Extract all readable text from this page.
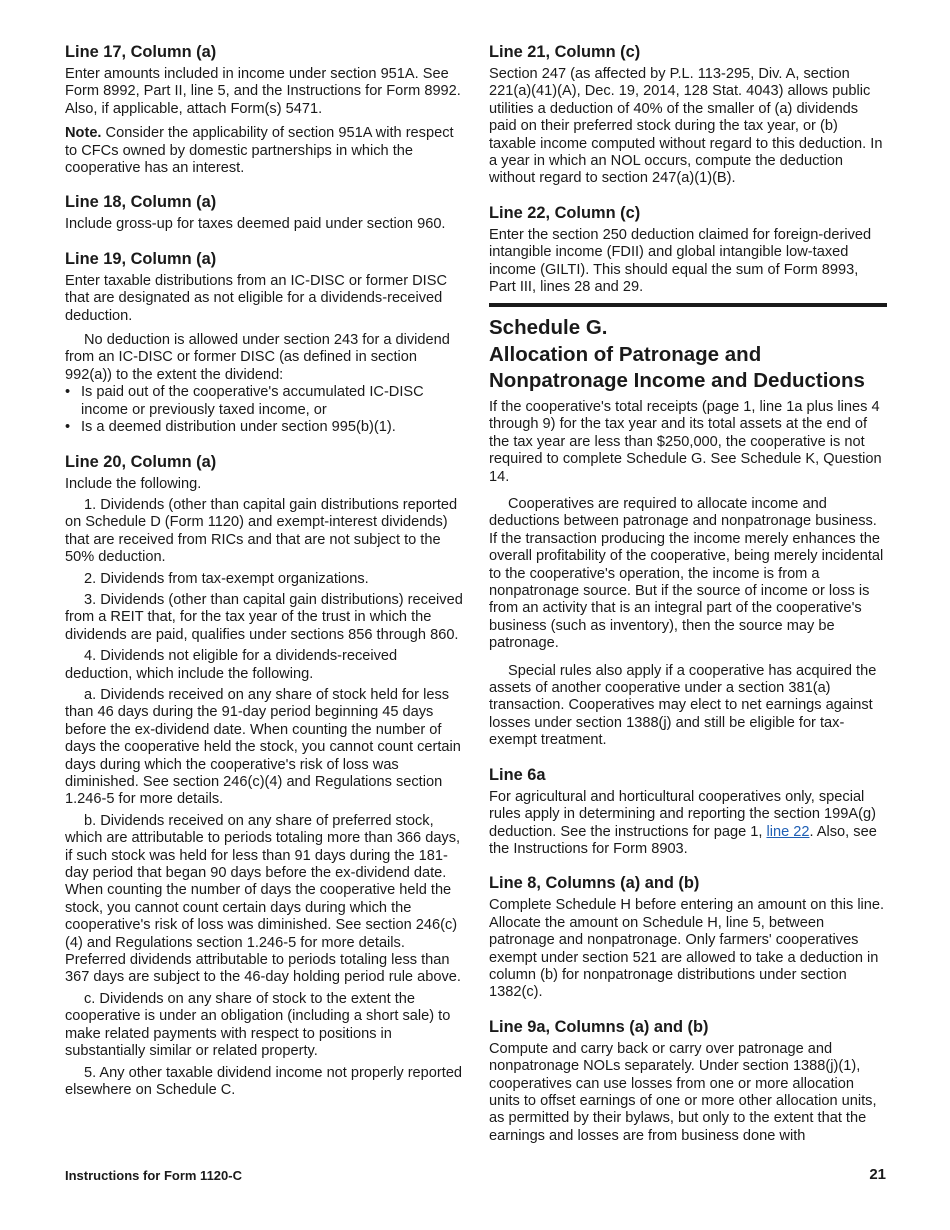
Line 17, Column (a)

Enter amounts included in income under section 951A. See Form 8992, Part II, line 5, and the Instructions for Form 8992. Also, if applicable, attach Form(s) 5471.

Note. Consider the applicability of section 951A with respect to CFCs owned by domestic partnerships in which the cooperative has an interest.

Line 18, Column (a)

Include gross-up for taxes deemed paid under section 960.

Line 19, Column (a)

Enter taxable distributions from an IC-DISC or former DISC that are designated as not eligible for a dividends-received deduction.

No deduction is allowed under section 243 for a dividend from an IC-DISC or former DISC (as defined in section 992(a)) to the extent the dividend:

• Is paid out of the cooperative's accumulated IC-DISC income or previously taxed income, or
• Is a deemed distribution under section 995(b)(1).
Line 20, Column (a)

Include the following.

1. Dividends (other than capital gain distributions reported on Schedule D (Form 1120) and exempt-interest dividends) that are received from RICs and that are not subject to the 50% deduction.

2. Dividends from tax-exempt organizations.

3. Dividends (other than capital gain distributions) received from a REIT that, for the tax year of the trust in which the dividends are paid, qualifies under sections 856 through 860.

4. Dividends not eligible for a dividends-received deduction, which include the following.

a. Dividends received on any share of stock held for less than 46 days during the 91-day period beginning 45 days before the ex-dividend date. When counting the number of days the cooperative held the stock, you cannot count certain days during which the cooperative's risk of loss was diminished. See section 246(c)(4) and Regulations section 1.246-5 for more details.

b. Dividends received on any share of preferred stock, which are attributable to periods totaling more than 366 days, if such stock was held for less than 91 days during the 181-day period that began 90 days before the ex-dividend date. When counting the number of days the cooperative held the stock, you cannot count certain days during which the cooperative's risk of loss was diminished. See section 246(c)(4) and Regulations section 1.246-5 for more details. Preferred dividends attributable to periods totaling less than 367 days are subject to the 46-day holding period rule above.

c. Dividends on any share of stock to the extent the cooperative is under an obligation (including a short sale) to make related payments with respect to positions in substantially similar or related property.

5. Any other taxable dividend income not properly reported elsewhere on Schedule C.

Line 21, Column (c)

Section 247 (as affected by P.L. 113-295, Div. A, section 221(a)(41)(A), Dec. 19, 2014, 128 Stat. 4043) allows public utilities a deduction of 40% of the smaller of (a) dividends paid on their preferred stock during the tax year, or (b) taxable income computed without regard to this deduction. In a year in which an NOL occurs, compute the deduction without regard to section 247(a)(1)(B).

Line 22, Column (c)

Enter the section 250 deduction claimed for foreign-derived intangible income (FDII) and global intangible low-taxed income (GILTI). This should equal the sum of Form 8993, Part III, lines 28 and 29.

Schedule G.
Allocation of Patronage and Nonpatronage Income and Deductions

If the cooperative's total receipts (page 1, line 1a plus lines 4 through 9) for the tax year and its total assets at the end of the tax year are less than $250,000, the cooperative is not required to complete Schedule G. See Schedule K, Question 14.

Cooperatives are required to allocate income and deductions between patronage and nonpatronage business. If the transaction producing the income merely enhances the overall profitability of the cooperative, being merely incidental to the cooperative's operation, the income is from a nonpatronage source. But if the source of income or loss is from an activity that is an integral part of the cooperative's business (such as inventory), then the source may be patronage.

Special rules also apply if a cooperative has acquired the assets of another cooperative under a section 381(a) transaction. Cooperatives may elect to net earnings against losses under section 1388(j) and still be eligible for tax-exempt treatment.

Line 6a

For agricultural and horticultural cooperatives only, special rules apply in determining and reporting the section 199A(g) deduction. See the instructions for page 1, line 22. Also, see the Instructions for Form 8903.

Line 8, Columns (a) and (b)

Complete Schedule H before entering an amount on this line. Allocate the amount on Schedule H, line 5, between patronage and nonpatronage. Only farmers' cooperatives exempt under section 521 are allowed to take a deduction in column (b) for nonpatronage distributions under section 1382(c).

Line 9a, Columns (a) and (b)

Compute and carry back or carry over patronage and nonpatronage NOLs separately. Under section 1388(j)(1), cooperatives can use losses from one or more allocation units to offset earnings of one or more other allocation units, as permitted by their bylaws, but only to the extent that the earnings and losses are from business done with

Instructions for Form 1120-C	21
